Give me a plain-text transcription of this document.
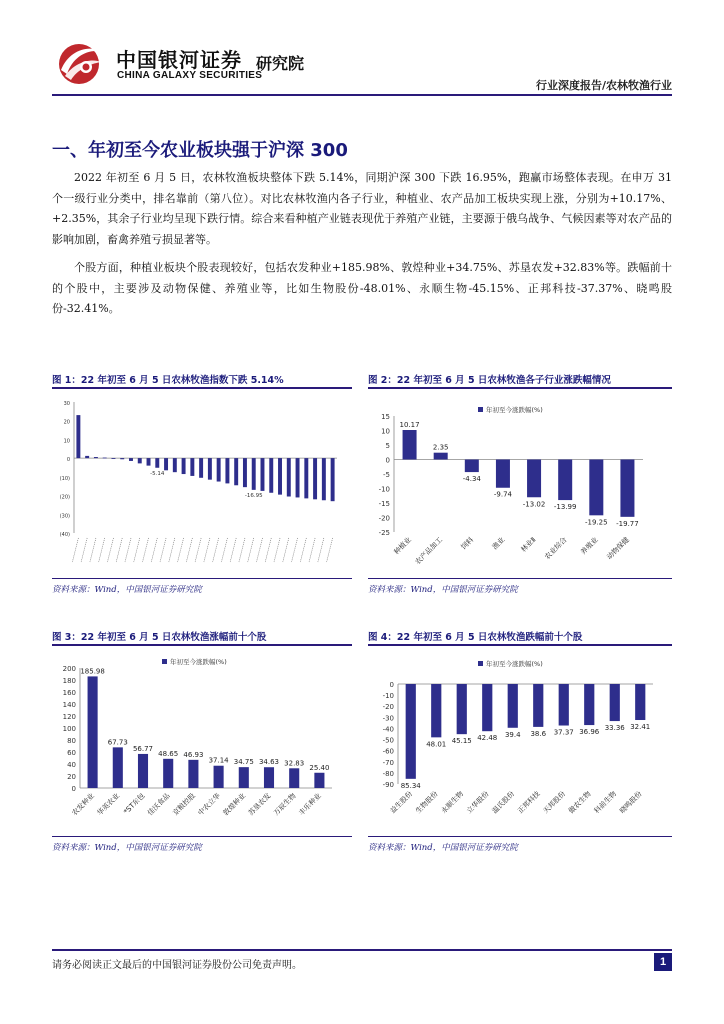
中国银河证券 研究院
CHINA GALAXY SECURITIES
行业深度报告/农林牧渔行业
一、年初至今农业板块强于沪深 300

2022 年初至 6 月 5 日，农林牧渔板块整体下跌 5.14%，同期沪深 300 下跌 16.95%，跑赢市场整体表现。在申万 31 个一级行业分类中，排名靠前（第八位）。对比农林牧渔内各子行业，种植业、农产品加工板块实现上涨，分别为+10.17%、+2.35%，其余子行业均呈现下跌行情。综合来看种植产业链表现优于养殖产业链，主要源于俄乌战争、气候因素等对农产品的影响加剧，畜禽养殖亏损显著等。

个股方面，种植业板块个股表现较好，包括农发种业+185.98%、敦煌种业+34.75%、苏垦农发+32.83%等。跌幅前十的个股中，主要涉及动物保健、养殖业等，比如生物股份-48.01%、永顺生物-45.15%、正邦科技-37.37%、晓鸣股份-32.41%。

图 1：22 年初至 6 月 5 日农林牧渔指数下跌 5.14%
30
20
10
0
(10)
(20)
(30)
(40)
-5.14
-16.95
资料来源：Wind，中国银河证券研究院
图 2：22 年初至 6 月 5 日农林牧渔各子行业涨跌幅情况
15
10
5
0
-5
-10
-15
-20
-25
10.17
种植业
2.35
农产品加工
-4.34
饲料
-9.74
渔业
-13.02
林业Ⅱ
-13.99
农业综合
-19.25
养殖业
-19.77
动物保健
年初至今涨跌幅(%)
资料来源：Wind，中国银河证券研究院
图 3：22 年初至 6 月 5 日农林牧渔涨幅前十个股
200
180
160
140
120
100
80
60
40
20
0
185.98
农发种业
67.73
华英农业
56.77
*ST东包
48.65
佳沃食品
46.93
京粮控股
37.14
中农立华
34.75
敦煌种业
34.63
苏垦农发
32.83
万辰生物
25.40
丰乐种业
年初至今涨跌幅(%)
资料来源：Wind，中国银河证券研究院
图 4：22 年初至 6 月 5 日农林牧渔跌幅前十个股
0
-10
-20
-30
-40
-50
-60
-70
-80
-90 85.34
益生股份
48.01
生物股份
45.15
永顺生物
42.48
立华股份
39.4
温氏股份
38.6
正邦科技
37.37
天邦股份
36.96
傲农生物
33.36
科前生物
32.41
晓鸣股份
年初至今涨跌幅(%)
资料来源：Wind，中国银河证券研究院
请务必阅读正文最后的中国银河证券股份公司免责声明。	1
